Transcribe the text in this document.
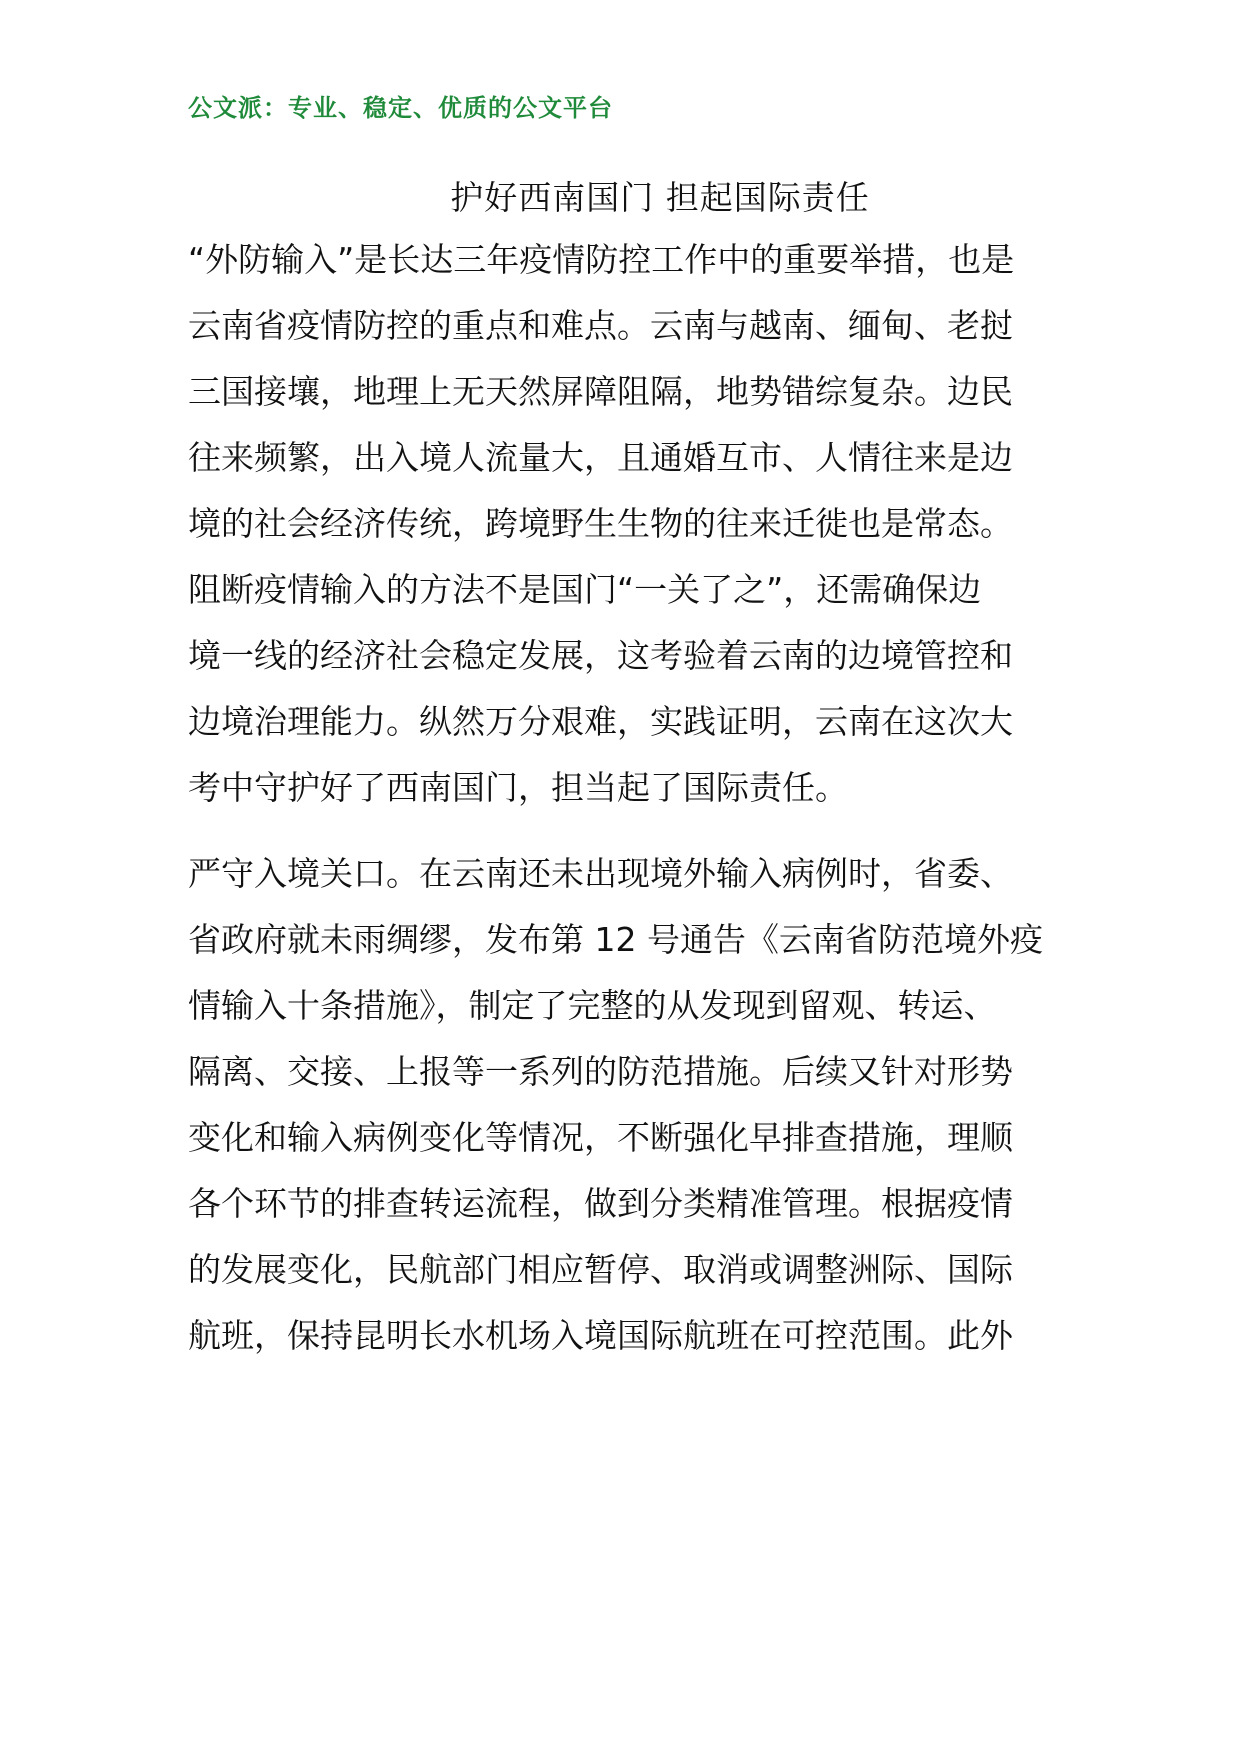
公文派：专业、稳定、优质的公文平台
护好西南国门 担起国际责任
“外防输入”是长达三年疫情防控工作中的重要举措，也是
云南省疫情防控的重点和难点。云南与越南、缅甸、老挝
三国接壤，地理上无天然屏障阻隔，地势错综复杂。边民
往来频繁，出入境人流量大，且通婚互市、人情往来是边
境的社会经济传统，跨境野生生物的往来迁徙也是常态。
阻断疫情输入的方法不是国门“一关了之”，还需确保边
境一线的经济社会稳定发展，这考验着云南的边境管控和
边境治理能力。纵然万分艰难，实践证明，云南在这次大
考中守护好了西南国门，担当起了国际责任。
严守入境关口。在云南还未出现境外输入病例时，省委、
省政府就未雨绸缪，发布第 12 号通告《云南省防范境外疫
情输入十条措施》，制定了完整的从发现到留观、转运、
隔离、交接、上报等一系列的防范措施。后续又针对形势
变化和输入病例变化等情况，不断强化早排查措施，理顺
各个环节的排查转运流程，做到分类精准管理。根据疫情
的发展变化，民航部门相应暂停、取消或调整洲际、国际
航班，保持昆明长水机场入境国际航班在可控范围。此外
